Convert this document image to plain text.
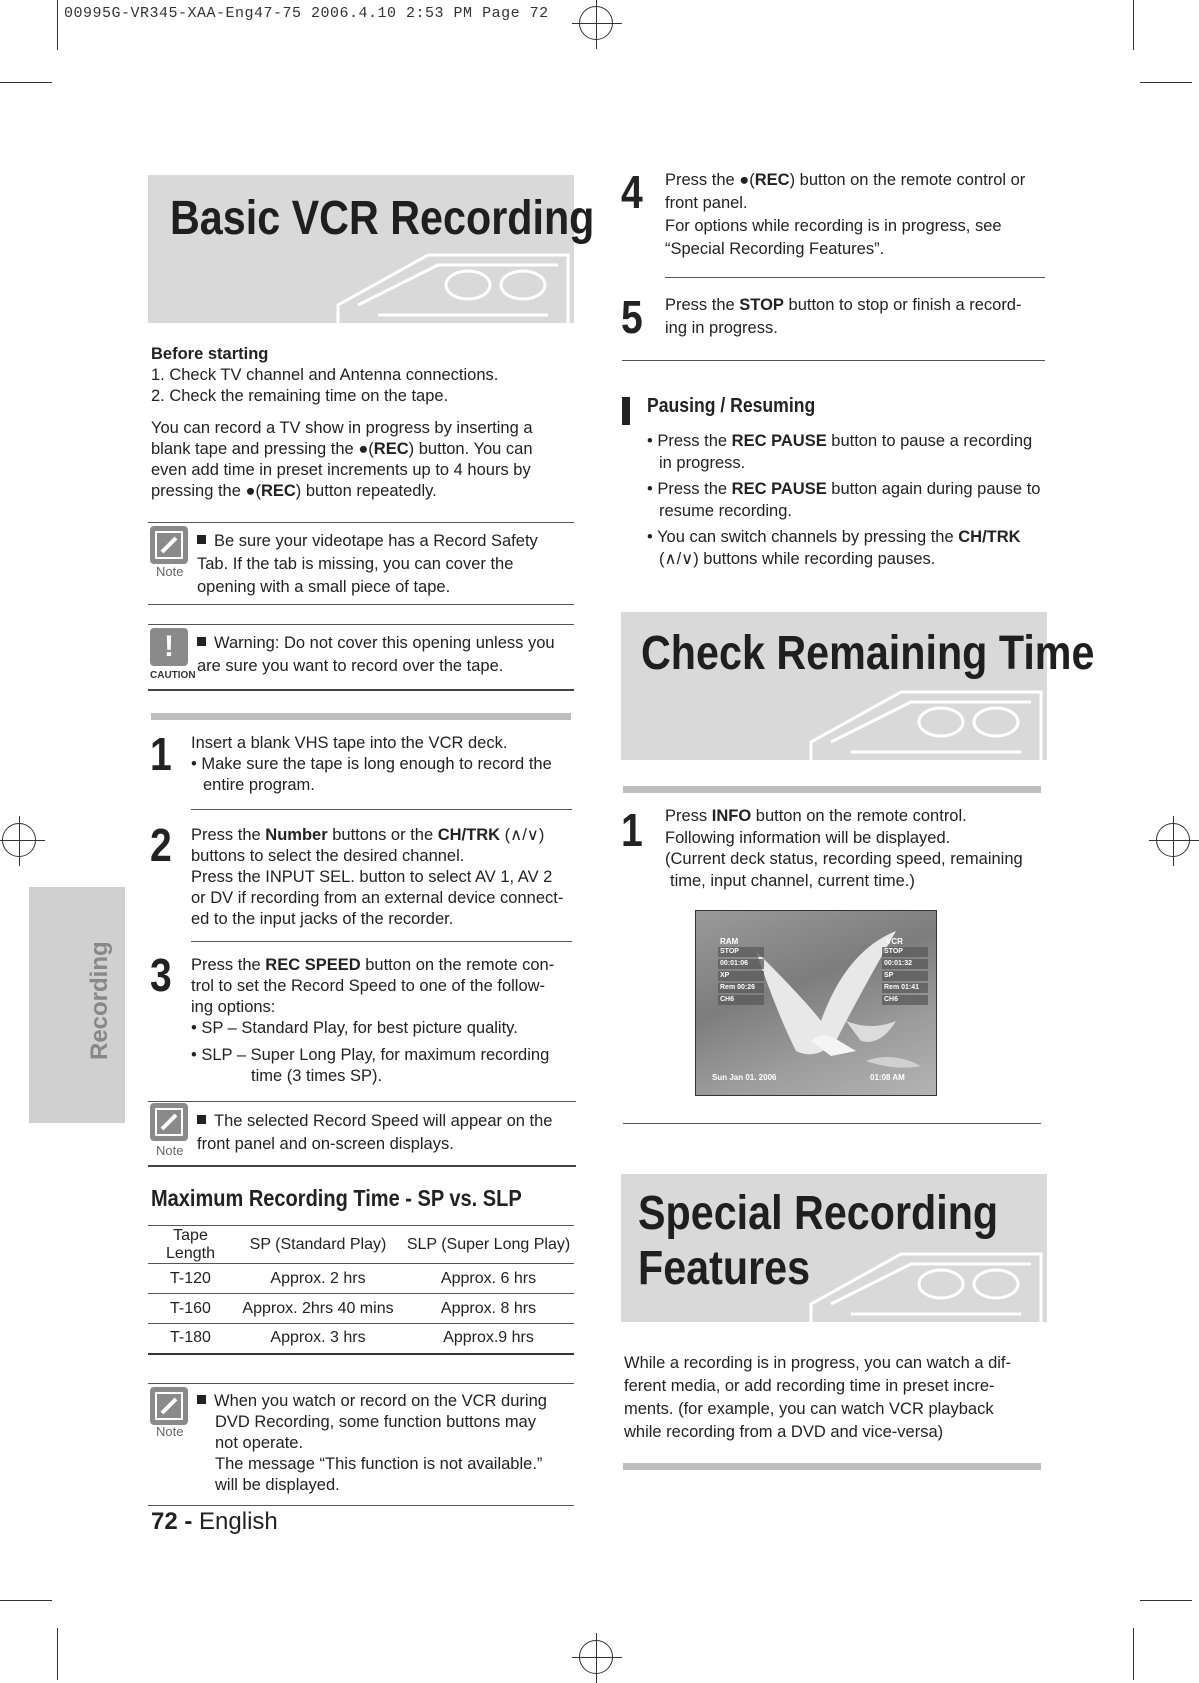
00995G-VR345-XAA-Eng47-75 2006.4.10 2:53 PM Page 72
Recording
Basic VCR Recording
Before starting
1. Check TV channel and Antenna connections.
2. Check the remaining time on the tape.
You can record a TV show in progress by inserting a blank tape and pressing the ●(REC) button. You can even add time in preset increments up to 4 hours by pressing the ●(REC) button repeatedly.
Note
Be sure your videotape has a Record Safety Tab. If the tab is missing, you can cover the opening with a small piece of tape.
!
CAUTION
Warning: Do not cover this opening unless you are sure you want to record over the tape.
1 Insert a blank VHS tape into the VCR deck.
• Make sure the tape is long enough to record the
entire program.
2 Press the Number buttons or the CH/TRK (∧/∨)
buttons to select the desired channel.
Press the INPUT SEL. button to select AV 1, AV 2
or DV if recording from an external device connect-
ed to the input jacks of the recorder.
3 Press the REC SPEED button on the remote con-
trol to set the Record Speed to one of the follow-
ing options:
• SP – Standard Play, for best picture quality.
• SLP – Super Long Play, for maximum recording
time (3 times SP).
Note
The selected Record Speed will appear on the front panel and on-screen displays.
Maximum Recording Time - SP vs. SLP
Tape Length	SP (Standard Play)	SLP (Super Long Play)
T-120	Approx. 2 hrs	Approx. 6 hrs
T-160	Approx. 2hrs 40 mins	Approx. 8 hrs
T-180	Approx. 3 hrs	Approx.9 hrs
Note
When you watch or record on the VCR during
DVD Recording, some function buttons may
not operate.
The message “This function is not available.”
will be displayed.
72 - English
4 Press the ●(REC) button on the remote control or
front panel.
For options while recording is in progress, see
“Special Recording Features”.
5 Press the STOP button to stop or finish a record-
ing in progress.
Pausing / Resuming
• Press the REC PAUSE button to pause a recording
in progress.
• Press the REC PAUSE button again during pause to
resume recording.
• You can switch channels by pressing the CH/TRK
(∧/∨) buttons while recording pauses.
Check Remaining Time
1 Press INFO button on the remote control.
Following information will be displayed.
(Current deck status, recording speed, remaining
time, input channel, current time.)
RAM
STOP
00:01:06
XP
Rem 00:26
CH6
VCR
STOP
00:01:32
SP
Rem 01:41
CH6
Sun Jan 01. 2006	01:08 AM
Special Recording
Features
While a recording is in progress, you can watch a dif-
ferent media, or add recording time in preset incre-
ments. (for example, you can watch VCR playback
while recording from a DVD and vice-versa)
